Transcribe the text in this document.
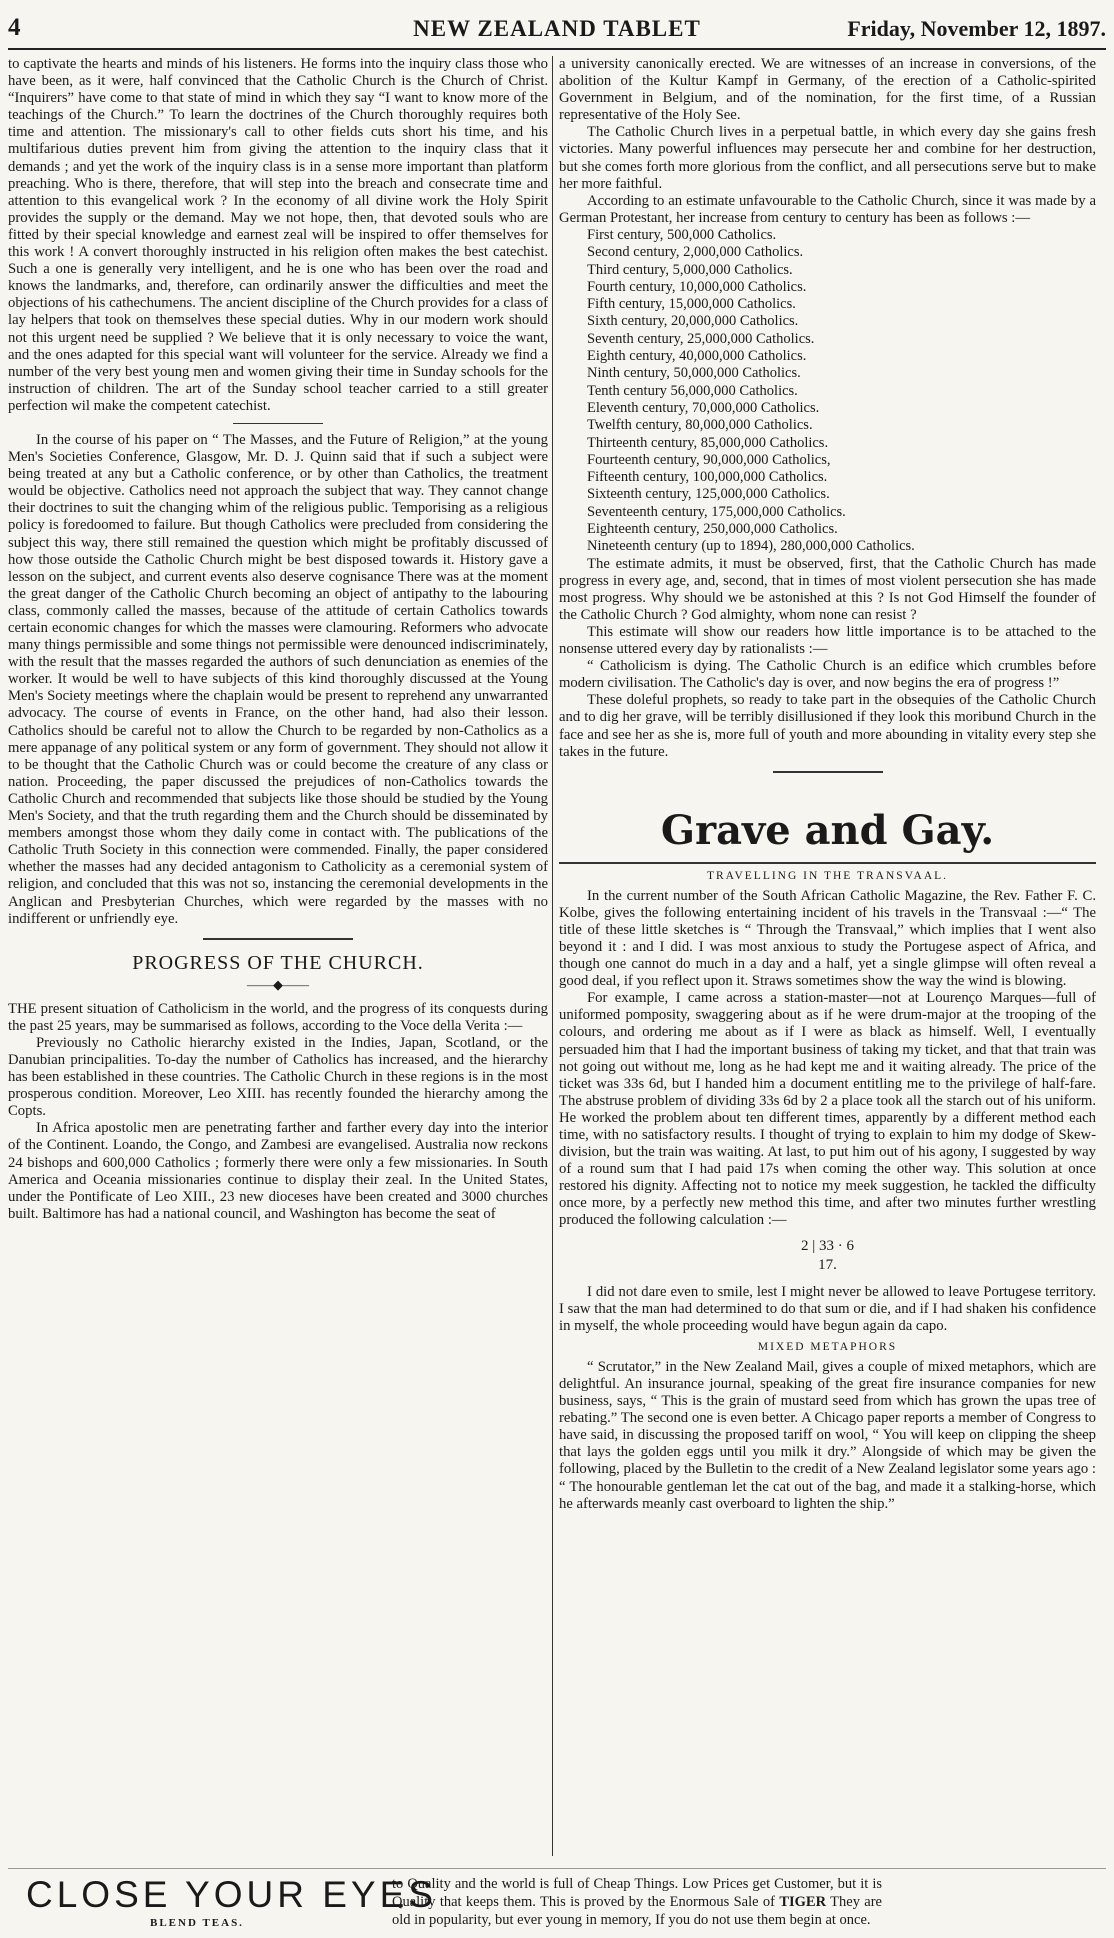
4	NEW ZEALAND TABLET	Friday, November 12, 1897.

to captivate the hearts and minds of his listeners. He forms into the inquiry class those who have been, as it were, half convinced that the Catholic Church is the Church of Christ. “Inquirers” have come to that state of mind in which they say “I want to know more of the teachings of the Church.” To learn the doctrines of the Church thoroughly requires both time and attention. The missionary's call to other fields cuts short his time, and his multifarious duties prevent him from giving the attention to the inquiry class that it demands ; and yet the work of the inquiry class is in a sense more important than platform preaching. Who is there, therefore, that will step into the breach and consecrate time and attention to this evangelical work ? In the economy of all divine work the Holy Spirit provides the supply or the demand. May we not hope, then, that devoted souls who are fitted by their special knowledge and earnest zeal will be inspired to offer themselves for this work ! A convert thoroughly instructed in his religion often makes the best catechist. Such a one is generally very intelligent, and he is one who has been over the road and knows the landmarks, and, therefore, can ordinarily answer the difficulties and meet the objections of his cathechumens. The ancient discipline of the Church provides for a class of lay helpers that took on themselves these special duties. Why in our modern work should not this urgent need be supplied ? We believe that it is only necessary to voice the want, and the ones adapted for this special want will volunteer for the service. Already we find a number of the very best young men and women giving their time in Sunday schools for the instruction of children. The art of the Sunday school teacher carried to a still greater perfection wil make the competent catechist.

In the course of his paper on “ The Masses, and the Future of Religion,” at the young Men's Societies Conference, Glasgow, Mr. D. J. Quinn said that if such a subject were being treated at any but a Catholic conference, or by other than Catholics, the treatment would be objective. Catholics need not approach the subject that way. They cannot change their doctrines to suit the changing whim of the religious public. Temporising as a religious policy is foredoomed to failure. But though Catholics were precluded from considering the subject this way, there still remained the question which might be profitably discussed of how those outside the Catholic Church might be best disposed towards it. History gave a lesson on the subject, and current events also deserve cognisance There was at the moment the great danger of the Catholic Church becoming an object of antipathy to the labouring class, commonly called the masses, because of the attitude of certain Catholics towards certain economic changes for which the masses were clamouring. Reformers who advocate many things permissible and some things not permissible were denounced indiscriminately, with the result that the masses regarded the authors of such denunciation as enemies of the worker. It would be well to have subjects of this kind thoroughly discussed at the Young Men's Society meetings where the chaplain would be present to reprehend any unwarranted advocacy. The course of events in France, on the other hand, had also their lesson. Catholics should be careful not to allow the Church to be regarded by non-Catholics as a mere appanage of any political system or any form of government. They should not allow it to be thought that the Catholic Church was or could become the creature of any class or nation. Proceeding, the paper discussed the prejudices of non-Catholics towards the Catholic Church and recommended that subjects like those should be studied by the Young Men's Society, and that the truth regarding them and the Church should be disseminated by members amongst those whom they daily come in contact with. The publications of the Catholic Truth Society in this connection were commended. Finally, the paper considered whether the masses had any decided antagonism to Catholicity as a ceremonial system of religion, and concluded that this was not so, instancing the ceremonial developments in the Anglican and Presbyterian Churches, which were regarded by the masses with no indifferent or unfriendly eye.

PROGRESS OF THE CHURCH.
——◆——

THE present situation of Catholicism in the world, and the progress of its conquests during the past 25 years, may be summarised as follows, according to the Voce della Verita :—

Previously no Catholic hierarchy existed in the Indies, Japan, Scotland, or the Danubian principalities. To-day the number of Catholics has increased, and the hierarchy has been established in these countries. The Catholic Church in these regions is in the most prosperous condition. Moreover, Leo XIII. has recently founded the hierarchy among the Copts.

In Africa apostolic men are penetrating farther and farther every day into the interior of the Continent. Loando, the Congo, and Zambesi are evangelised. Australia now reckons 24 bishops and 600,000 Catholics ; formerly there were only a few missionaries. In South America and Oceania missionaries continue to display their zeal. In the United States, under the Pontificate of Leo XIII., 23 new dioceses have been created and 3000 churches built. Baltimore has had a national council, and Washington has become the seat of

a university canonically erected. We are witnesses of an increase in conversions, of the abolition of the Kultur Kampf in Germany, of the erection of a Catholic-spirited Government in Belgium, and of the nomination, for the first time, of a Russian representative of the Holy See.

The Catholic Church lives in a perpetual battle, in which every day she gains fresh victories. Many powerful influences may persecute her and combine for her destruction, but she comes forth more glorious from the conflict, and all persecutions serve but to make her more faithful.

According to an estimate unfavourable to the Catholic Church, since it was made by a German Protestant, her increase from century to century has been as follows :—

First century, 500,000 Catholics.
Second century, 2,000,000 Catholics.
Third century, 5,000,000 Catholics.
Fourth century, 10,000,000 Catholics.
Fifth century, 15,000,000 Catholics.
Sixth century, 20,000,000 Catholics.
Seventh century, 25,000,000 Catholics.
Eighth century, 40,000,000 Catholics.
Ninth century, 50,000,000 Catholics.
Tenth century 56,000,000 Catholics.
Eleventh century, 70,000,000 Catholics.
Twelfth century, 80,000,000 Catholics.
Thirteenth century, 85,000,000 Catholics.
Fourteenth century, 90,000,000 Catholics,
Fifteenth century, 100,000,000 Catholics.
Sixteenth century, 125,000,000 Catholics.
Seventeenth century, 175,000,000 Catholics.
Eighteenth century, 250,000,000 Catholics.
Nineteenth century (up to 1894), 280,000,000 Catholics.

The estimate admits, it must be observed, first, that the Catholic Church has made progress in every age, and, second, that in times of most violent persecution she has made most progress. Why should we be astonished at this ? Is not God Himself the founder of the Catholic Church ? God almighty, whom none can resist ?

This estimate will show our readers how little importance is to be attached to the nonsense uttered every day by rationalists :—

“ Catholicism is dying. The Catholic Church is an edifice which crumbles before modern civilisation. The Catholic's day is over, and now begins the era of progress !”

These doleful prophets, so ready to take part in the obsequies of the Catholic Church and to dig her grave, will be terribly disillusioned if they look this moribund Church in the face and see her as she is, more full of youth and more abounding in vitality every step she takes in the future.

Grave and Gay.
TRAVELLING IN THE TRANSVAAL.

In the current number of the South African Catholic Magazine, the Rev. Father F. C. Kolbe, gives the following entertaining incident of his travels in the Transvaal :—“ The title of these little sketches is “ Through the Transvaal,” which implies that I went also beyond it : and I did. I was most anxious to study the Portugese aspect of Africa, and though one cannot do much in a day and a half, yet a single glimpse will often reveal a good deal, if you reflect upon it. Straws sometimes show the way the wind is blowing.

For example, I came across a station-master—not at Lourenço Marques—full of uniformed pomposity, swaggering about as if he were drum-major at the trooping of the colours, and ordering me about as if I were as black as himself. Well, I eventually persuaded him that I had the important business of taking my ticket, and that that train was not going out without me, long as he had kept me and it waiting already. The price of the ticket was 33s 6d, but I handed him a document entitling me to the privilege of half-fare. The abstruse problem of dividing 33s 6d by 2 a place took all the starch out of his uniform. He worked the problem about ten different times, apparently by a different method each time, with no satisfactory results. I thought of trying to explain to him my dodge of Skew-division, but the train was waiting. At last, to put him out of his agony, I suggested by way of a round sum that I had paid 17s when coming the other way. This solution at once restored his dignity. Affecting not to notice my meek suggestion, he tackled the difficulty once more, by a perfectly new method this time, and after two minutes further wrestling produced the following calculation :—

2 | 33 · 6
17.

I did not dare even to smile, lest I might never be allowed to leave Portugese territory. I saw that the man had determined to do that sum or die, and if I had shaken his confidence in myself, the whole proceeding would have begun again da capo.

MIXED METAPHORS

“ Scrutator,” in the New Zealand Mail, gives a couple of mixed metaphors, which are delightful. An insurance journal, speaking of the great fire insurance companies for new business, says, “ This is the grain of mustard seed from which has grown the upas tree of rebating.” The second one is even better. A Chicago paper reports a member of Congress to have said, in discussing the proposed tariff on wool, “ You will keep on clipping the sheep that lays the golden eggs until you milk it dry.” Alongside of which may be given the following, placed by the Bulletin to the credit of a New Zealand legislator some years ago : “ The honourable gentleman let the cat out of the bag, and made it a stalking-horse, which he afterwards meanly cast overboard to lighten the ship.”

CLOSE YOUR EYES
BLEND TEAS.
to Quality and the world is full of Cheap Things. Low Prices get Customer, but it is Quality that keeps them. This is proved by the Enormous Sale of TIGER They are old in popularity, but ever young in memory, If you do not use them begin at once.
